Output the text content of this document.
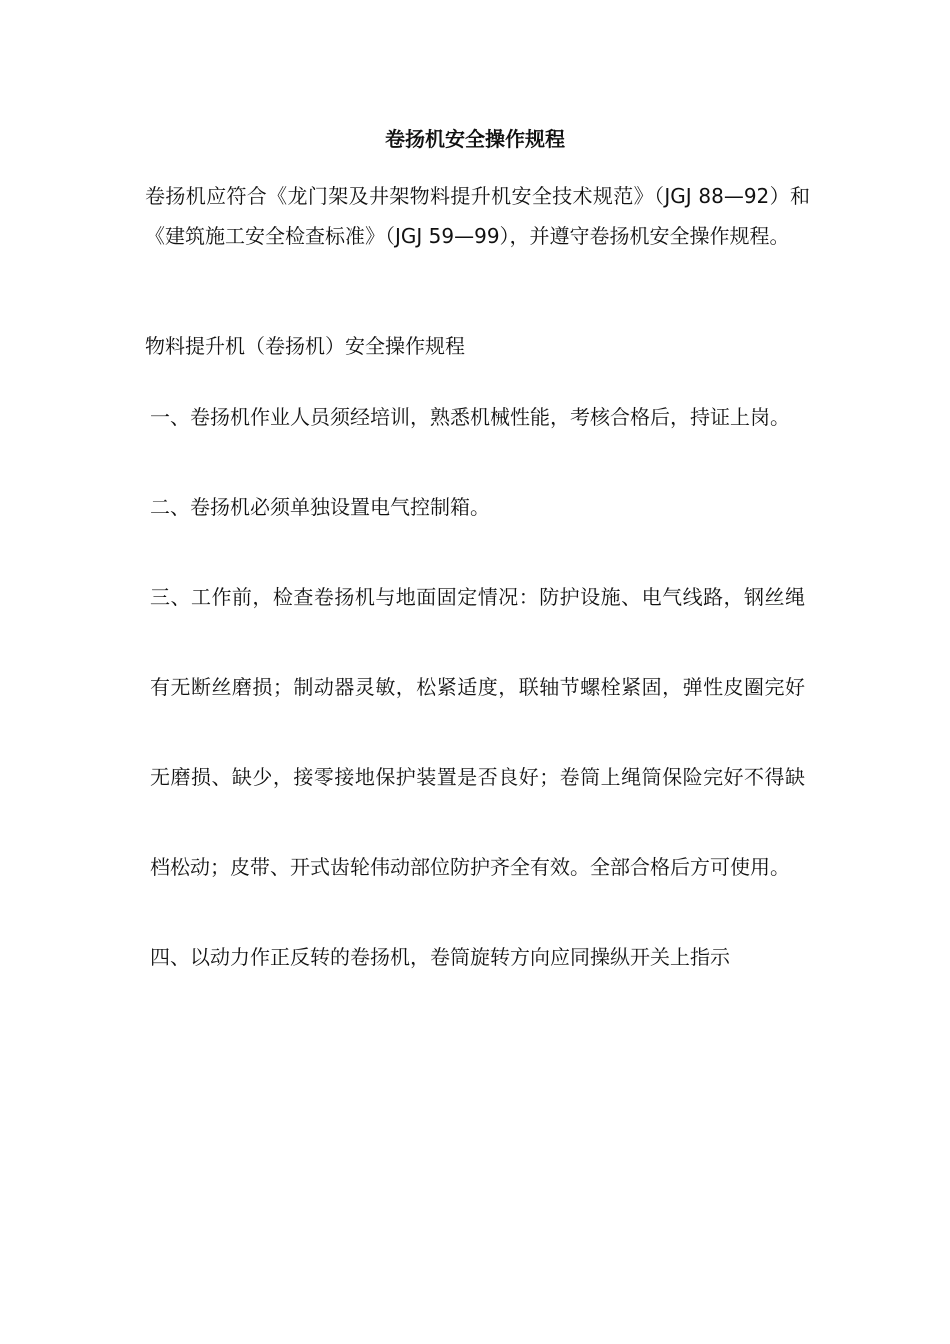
卷扬机安全操作规程

卷扬机应符合《龙门架及井架物料提升机安全技术规范》（JGJ 88—92）和《建筑施工安全检查标准》（JGJ 59—99），并遵守卷扬机安全操作规程。

物料提升机（卷扬机）安全操作规程

一、卷扬机作业人员须经培训，熟悉机械性能，考核合格后，持证上岗。

二、卷扬机必须单独设置电气控制箱。

三、工作前，检查卷扬机与地面固定情况：防护设施、电气线路，钢丝绳有无断丝磨损；制动器灵敏，松紧适度，联轴节螺栓紧固，弹性皮圈完好无磨损、缺少，接零接地保护装置是否良好；卷筒上绳筒保险完好不得缺档松动；皮带、开式齿轮伟动部位防护齐全有效。全部合格后方可使用。

四、以动力作正反转的卷扬机，卷筒旋转方向应同操纵开关上指示
